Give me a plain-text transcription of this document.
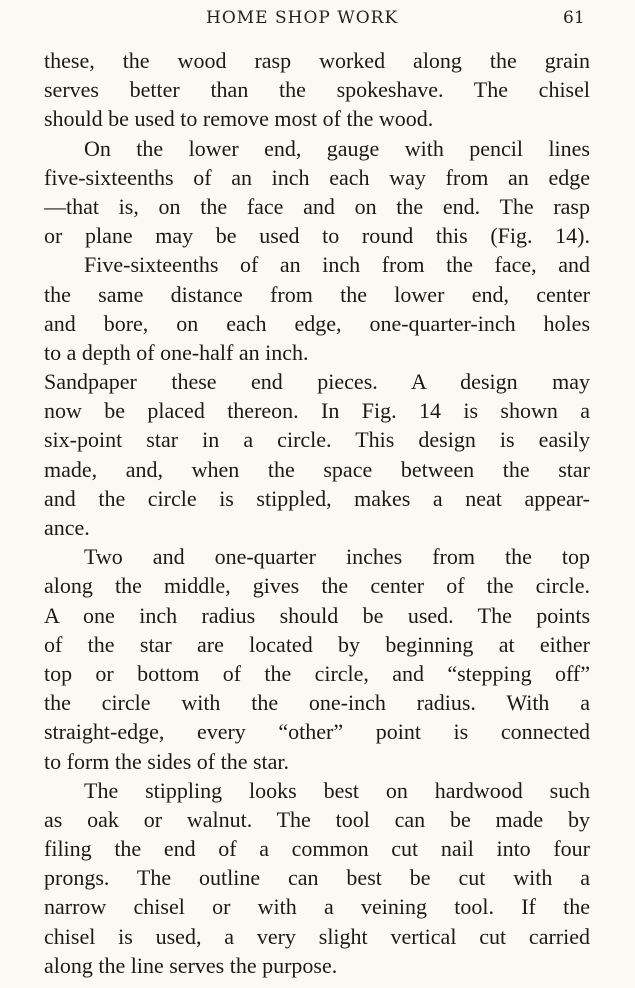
HOME SHOP WORK	61
these, the wood rasp worked along the grain
serves better than the spokeshave. The chisel
should be used to remove most of the wood.
On the lower end, gauge with pencil lines
five-sixteenths of an inch each way from an edge
—that is, on the face and on the end. The rasp
or plane may be used to round this (Fig. 14).
Five-sixteenths of an inch from the face, and
the same distance from the lower end, center
and bore, on each edge, one-quarter-inch holes
to a depth of one-half an inch.
Sandpaper these end pieces. A design may
now be placed thereon. In Fig. 14 is shown a
six-point star in a circle. This design is easily
made, and, when the space between the star
and the circle is stippled, makes a neat appear-
ance.
Two and one-quarter inches from the top
along the middle, gives the center of the circle.
A one inch radius should be used. The points
of the star are located by beginning at either
top or bottom of the circle, and “stepping off”
the circle with the one-inch radius. With a
straight-edge, every “other” point is connected
to form the sides of the star.
The stippling looks best on hardwood such
as oak or walnut. The tool can be made by
filing the end of a common cut nail into four
prongs. The outline can best be cut with a
narrow chisel or with a veining tool. If the
chisel is used, a very slight vertical cut carried
along the line serves the purpose.
